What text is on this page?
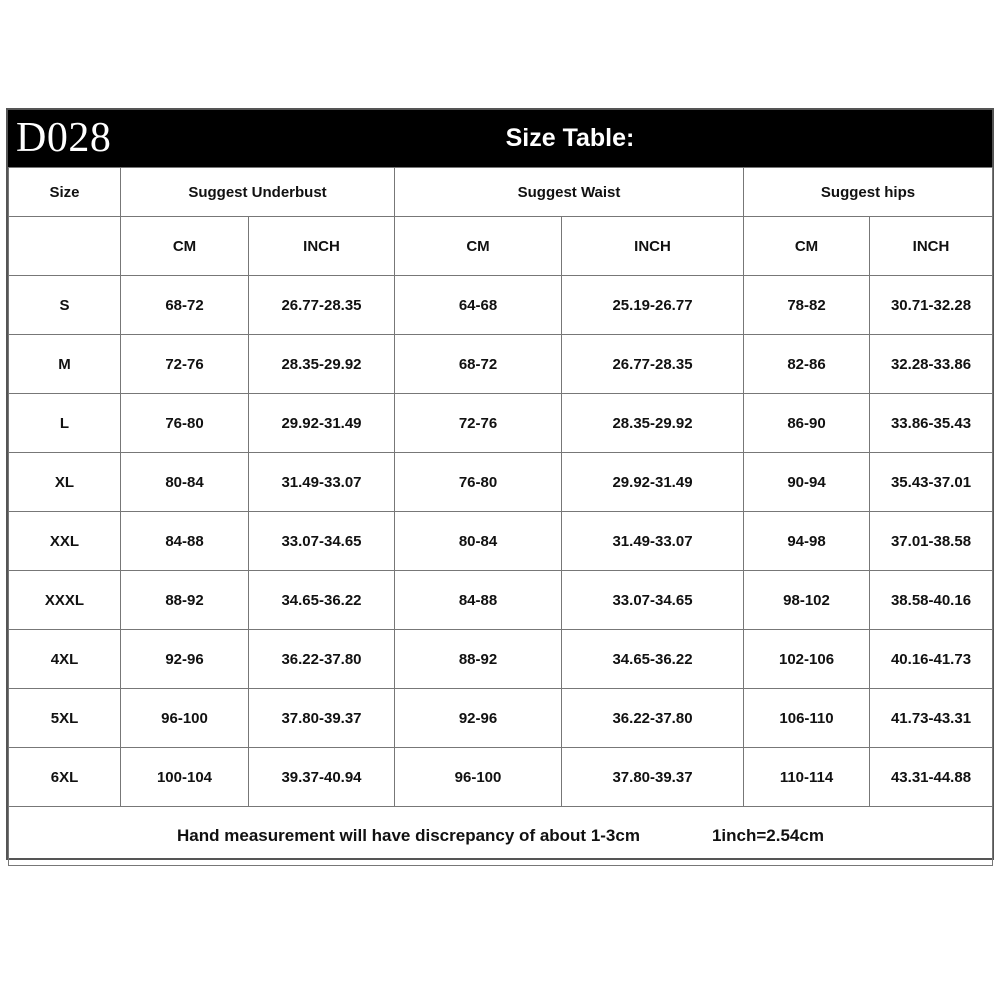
D028	Size Table:
Size	Suggest Underbust		Suggest Waist		Suggest hips	
	CM	INCH	CM	INCH	CM	INCH
S	68-72	26.77-28.35	64-68	25.19-26.77	78-82	30.71-32.28
M	72-76	28.35-29.92	68-72	26.77-28.35	82-86	32.28-33.86
L	76-80	29.92-31.49	72-76	28.35-29.92	86-90	33.86-35.43
XL	80-84	31.49-33.07	76-80	29.92-31.49	90-94	35.43-37.01
XXL	84-88	33.07-34.65	80-84	31.49-33.07	94-98	37.01-38.58
XXXL	88-92	34.65-36.22	84-88	33.07-34.65	98-102	38.58-40.16
4XL	92-96	36.22-37.80	88-92	34.65-36.22	102-106	40.16-41.73
5XL	96-100	37.80-39.37	92-96	36.22-37.80	106-110	41.73-43.31
6XL	100-104	39.37-40.94	96-100	37.80-39.37	110-114	43.31-44.88

Hand measurement will have discrepancy of about 1-3cm 1inch=2.54cm						
